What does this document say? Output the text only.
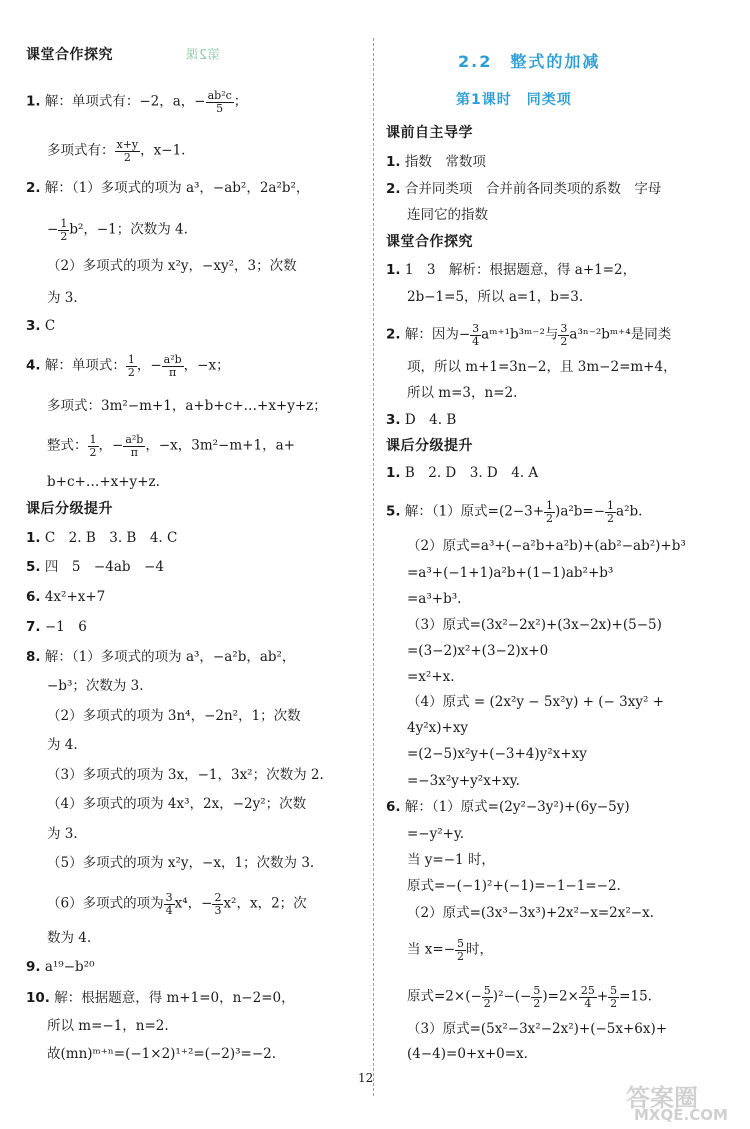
第2课
课堂合作探究
1. 解：单项式有：−2，a，− $\frac{\text{ab²c}}{5}$ ；
多项式有： $\frac{x+y}{2}$ ，x−1.
2. 解：（1）多项式的项为 a³，−ab²，2a²b²，
− $\frac{1}{2} b^2$，−1；次数为 4.
（2）多项式的项为 x²y，−xy²，3；次数
为 3.
3. C
4. 解：单项式： $\frac{1}{2}$ ，− $\frac{\text{a²b}}{\pi}$ ，−x；
多项式：3m²−m+1，a+b+c+…+x+y+z；
整式： $\frac{1}{2}$ ，− $\frac{\text{a²b}}{\pi}$ ，−x，3m²−m+1，a+
b+c+…+x+y+z.
课后分级提升
1. C　2. B　3. B　4. C
5. 四　5　−4ab　−4
6. 4x²+x+7
7. −1　6
8. 解：（1）多项式的项为 a³，−a²b，ab²，
−b³；次数为 3.
（2）多项式的项为 3n⁴，−2n²，1；次数
为 4.
（3）多项式的项为 3x，−1，3x²；次数为 2.
（4）多项式的项为 4x³，2x，−2y²；次数
为 3.
（5）多项式的项为 x²y，−x，1；次数为 3.
（6）多项式的项为 $\frac{3}{4} x^4$，− $\frac{2}{3} x^2$，x，2；次
数为 4.
9. a¹⁹−b²⁰
10. 解：根据题意，得 m+1=0，n−2=0，
所以 m=−1，n=2.
故(mn)ᵐ⁺ⁿ=(−1×2)¹⁺²=(−2)³=−2.
2.2　整式的加减
第1课时　同类项
课前自主导学
1. 指数　常数项
2. 合并同类项　合并前各同类项的系数　字母
连同它的指数
课堂合作探究
1. 1　3　解析：根据题意，得 a+1=2，
2b−1=5，所以 a=1，b=3.
2. 解：因为− $\frac{3}{4}$ aᵐ⁺¹b³ᵐ⁻²与 $\frac{3}{2}$ a³ⁿ⁻²bᵐ⁺⁴是同类
项，所以 m+1=3n−2，且 3m−2=m+4，
所以 m=3，n=2.
3. D　4. B
课后分级提升
1. B　2. D　3. D　4. A
5. 解：（1）原式$=(2-3+ \frac{1}{2} )a^2b=- \frac{1}{2} a^2b$.
（2）原式=a³+(−a²b+a²b)+(ab²−ab²)+b³
=a³+(−1+1)a²b+(1−1)ab²+b³
=a³+b³.
（3）原式=(3x²−2x²)+(3x−2x)+(5−5)
=(3−2)x²+(3−2)x+0
=x²+x.
（4）原式 = (2x²y − 5x²y) + (− 3xy² +
4y²x)+xy
=(2−5)x²y+(−3+4)y²x+xy
=−3x²y+y²x+xy.
6. 解：（1）原式=(2y²−3y²)+(6y−5y)
=−y²+y.
当 y=−1 时，
原式=−(−1)²+(−1)=−1−1=−2.
（2）原式=(3x³−3x³)+2x²−x=2x²−x.
当 $x=- \frac{5}{2}$ 时，
原式$=2\times(- \frac{5}{2} )^2-(- \frac{5}{2} )=2\times \frac{25}{4} + \frac{5}{2} =15$.
（3）原式=(5x²−3x²−2x²)+(−5x+6x)+
(4−4)=0+x+0=x.
12
答案圈
MXQE.COM
